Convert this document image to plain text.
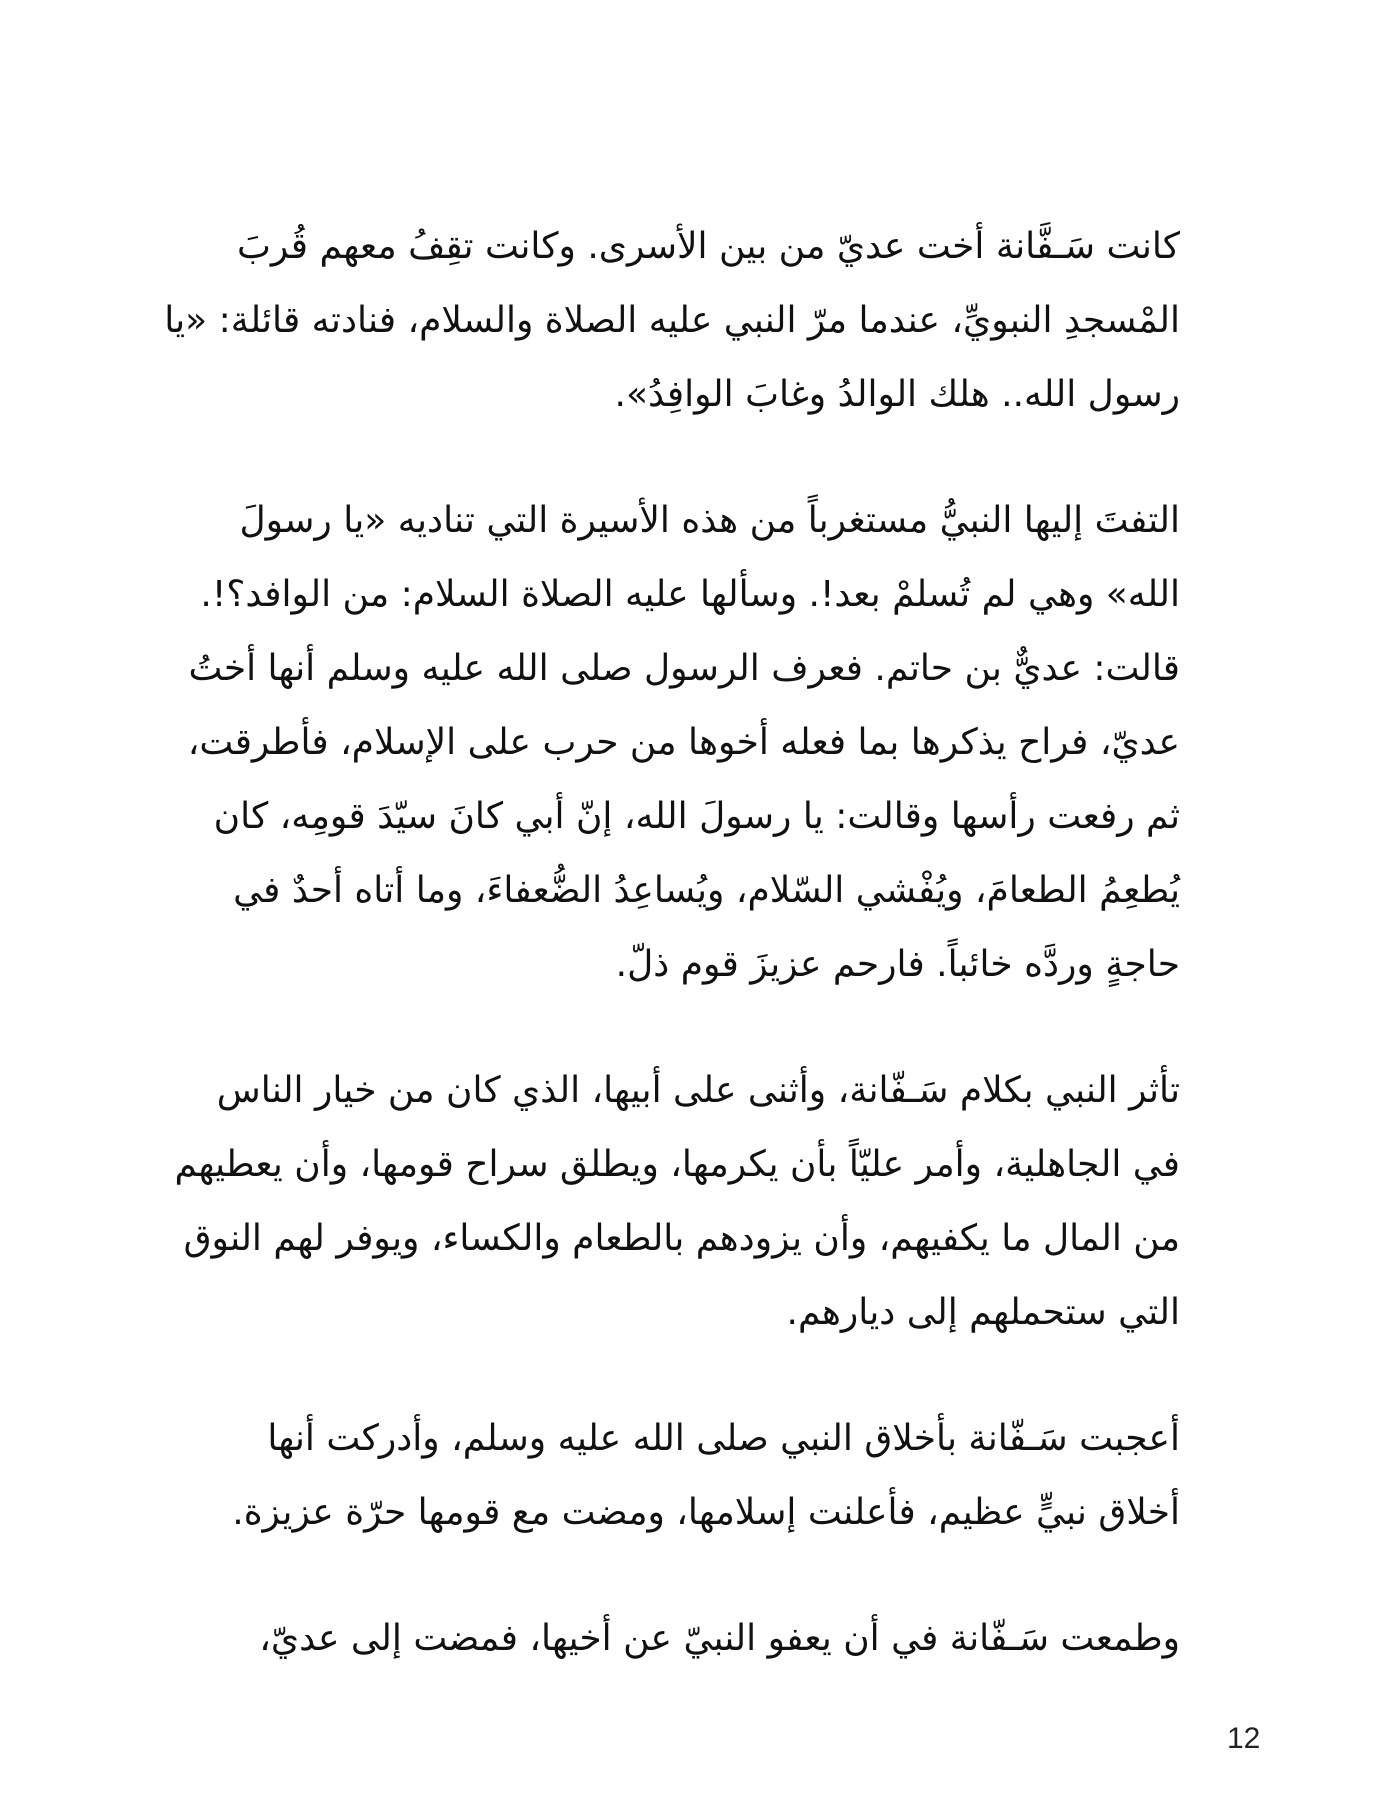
كانت سَـفَّانة أخت عديّ من بين الأسرى. وكانت تقِفُ معهم قُربَ
المْسجدِ النبويِّ، عندما مرّ النبي عليه الصلاة والسلام، فنادته قائلة: «يا
رسول الله.. هلك الوالدُ وغابَ الوافِدُ».
التفتَ إليها النبيُّ مستغرباً من هذه الأسيرة التي تناديه «يا رسولَ
الله» وهي لم تُسلمْ بعد!. وسألها عليه الصلاة السلام: من الوافد؟!.
قالت: عديٌّ بن حاتم. فعرف الرسول صلى الله عليه وسلم أنها أختُ
عديّ، فراح يذكرها بما فعله أخوها من حرب على الإسلام، فأطرقت،
ثم رفعت رأسها وقالت: يا رسولَ الله، إنّ أبي كانَ سيّدَ قومِه، كان
يُطعِمُ الطعامَ، ويُفْشي السّلام، ويُساعِدُ الضُّعفاءَ، وما أتاه أحدٌ في
حاجةٍ وردَّه خائباً. فارحم عزيزَ قوم ذلّ.
تأثر النبي بكلام سَـفّانة، وأثنى على أبيها، الذي كان من خيار الناس
في الجاهلية، وأمر عليّاً بأن يكرمها، ويطلق سراح قومها، وأن يعطيهم
من المال ما يكفيهم، وأن يزودهم بالطعام والكساء، ويوفر لهم النوق
التي ستحملهم إلى ديارهم.
أعجبت سَـفّانة بأخلاق النبي صلى الله عليه وسلم، وأدركت أنها
أخلاق نبيٍّ عظيم، فأعلنت إسلامها، ومضت مع قومها حرّة عزيزة.
وطمعت سَـفّانة في أن يعفو النبيّ عن أخيها، فمضت إلى عديّ،
12
